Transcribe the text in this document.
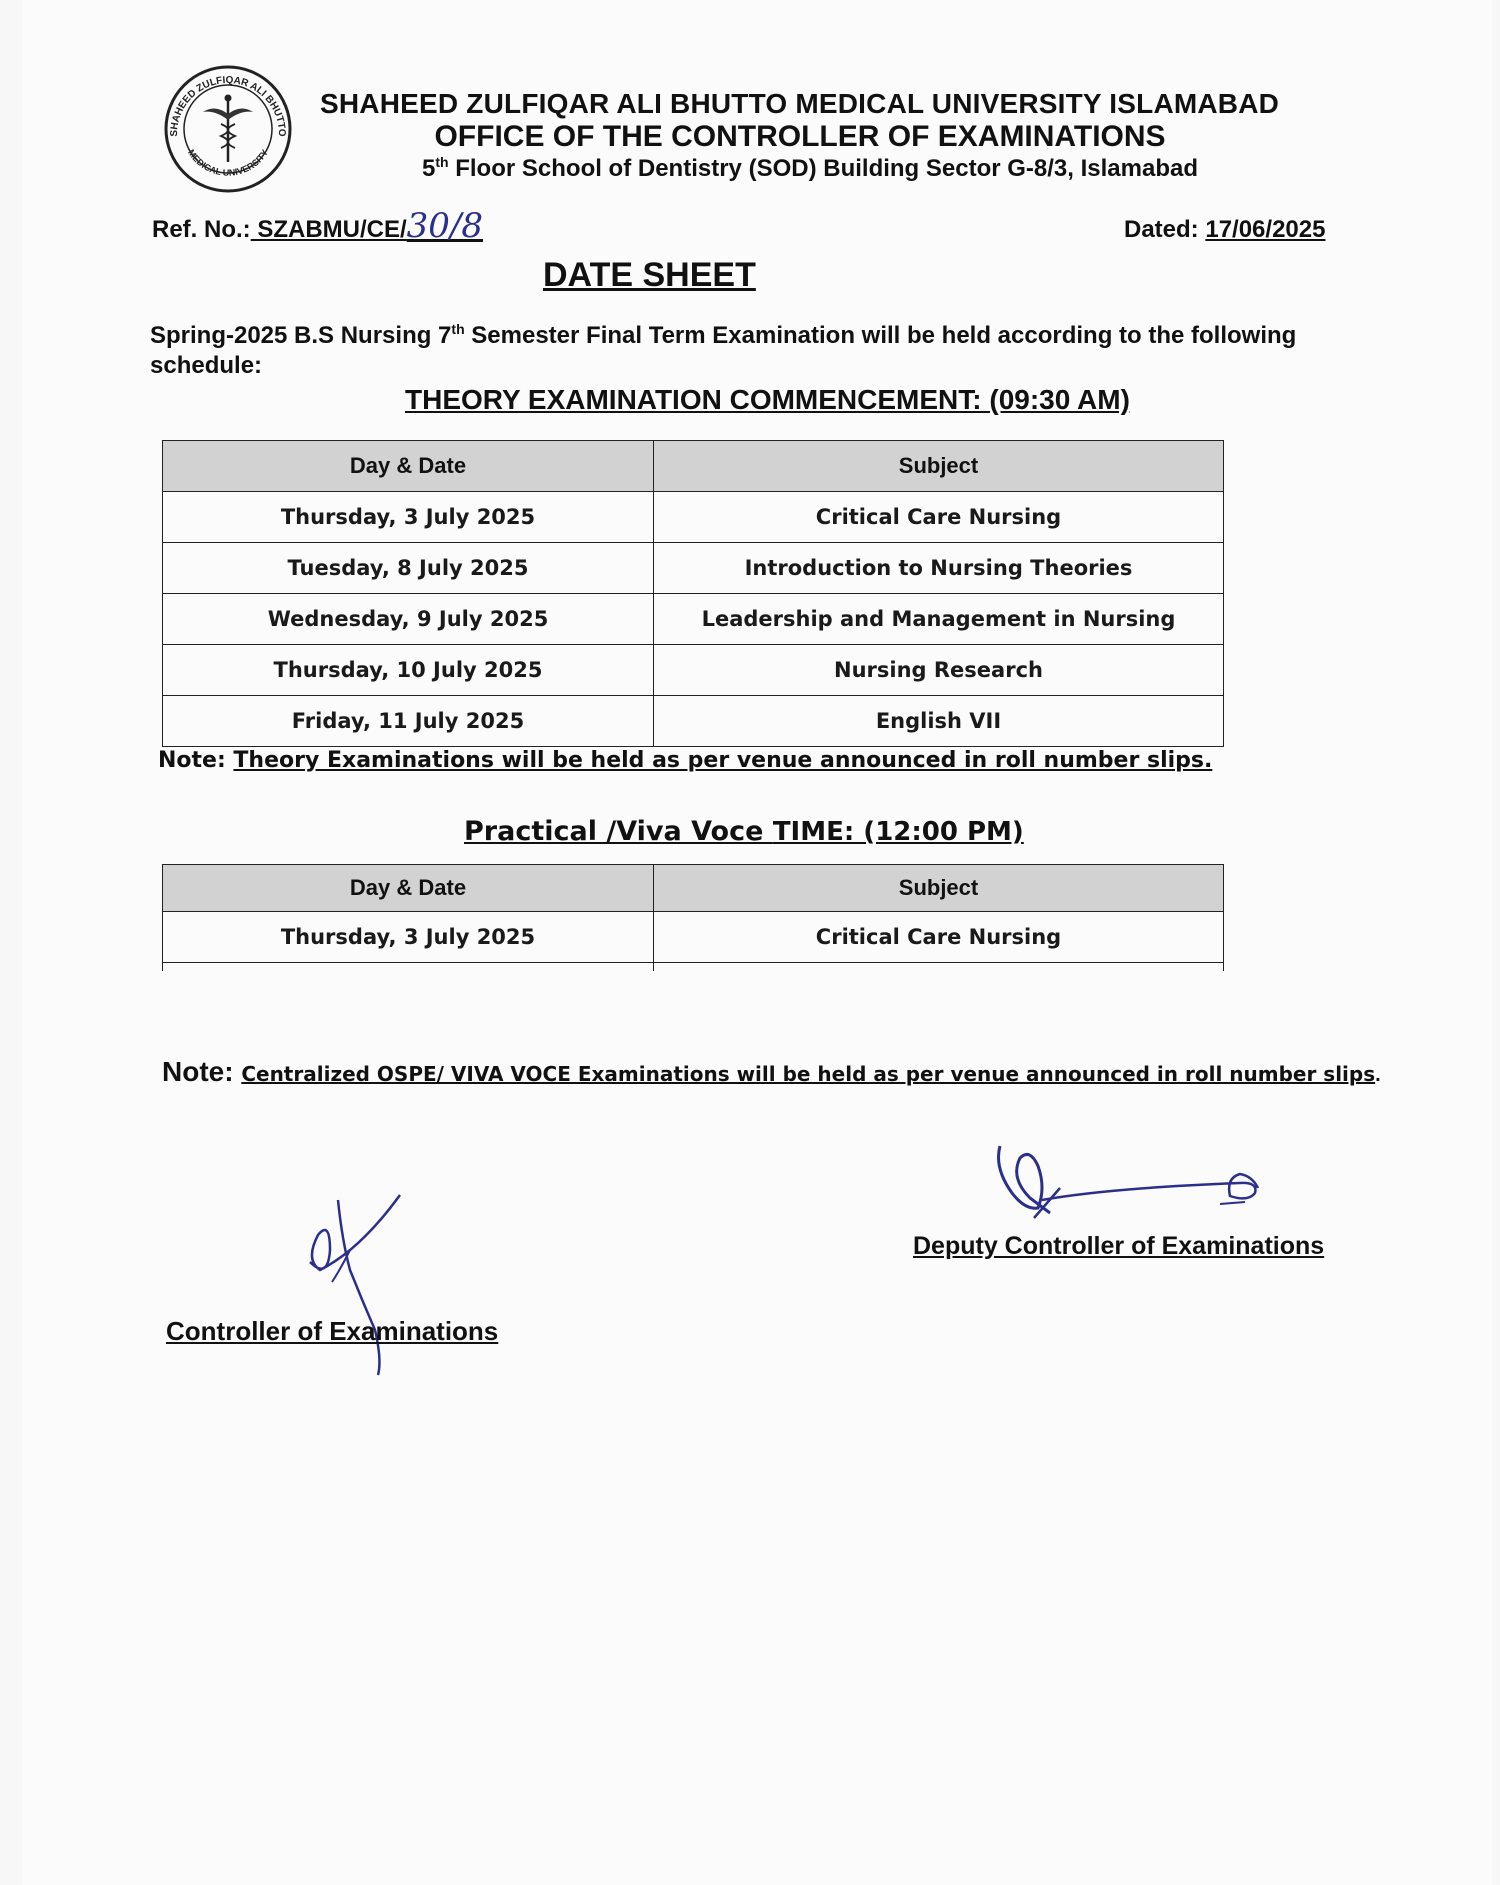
SHAHEED ZULFIQAR ALI BHUTTO
MEDICAL UNIVERSITY
SHAHEED ZULFIQAR ALI BHUTTO MEDICAL UNIVERSITY ISLAMABAD
OFFICE OF THE CONTROLLER OF EXAMINATIONS
5th Floor School of Dentistry (SOD) Building Sector G-8/3, Islamabad
Ref. No.: SZABMU/CE/30/8	Dated: 17/06/2025
DATE SHEET
Spring-2025 B.S Nursing 7th Semester Final Term Examination will be held according to the following schedule:
THEORY EXAMINATION COMMENCEMENT: (09:30 AM)
Day & Date	Subject
Thursday, 3 July 2025	Critical Care Nursing
Tuesday, 8 July 2025	Introduction to Nursing Theories
Wednesday, 9 July 2025	Leadership and Management in Nursing
Thursday, 10 July 2025	Nursing Research
Friday, 11 July 2025	English VII
Note: Theory Examinations will be held as per venue announced in roll number slips.
Practical /Viva Voce TIME: (12:00 PM)
Day & Date	Subject
Thursday, 3 July 2025	Critical Care Nursing

Note: Centralized OSPE/ VIVA VOCE Examinations will be held as per venue announced in roll number slips.
Deputy Controller of Examinations
Controller of Examinations
